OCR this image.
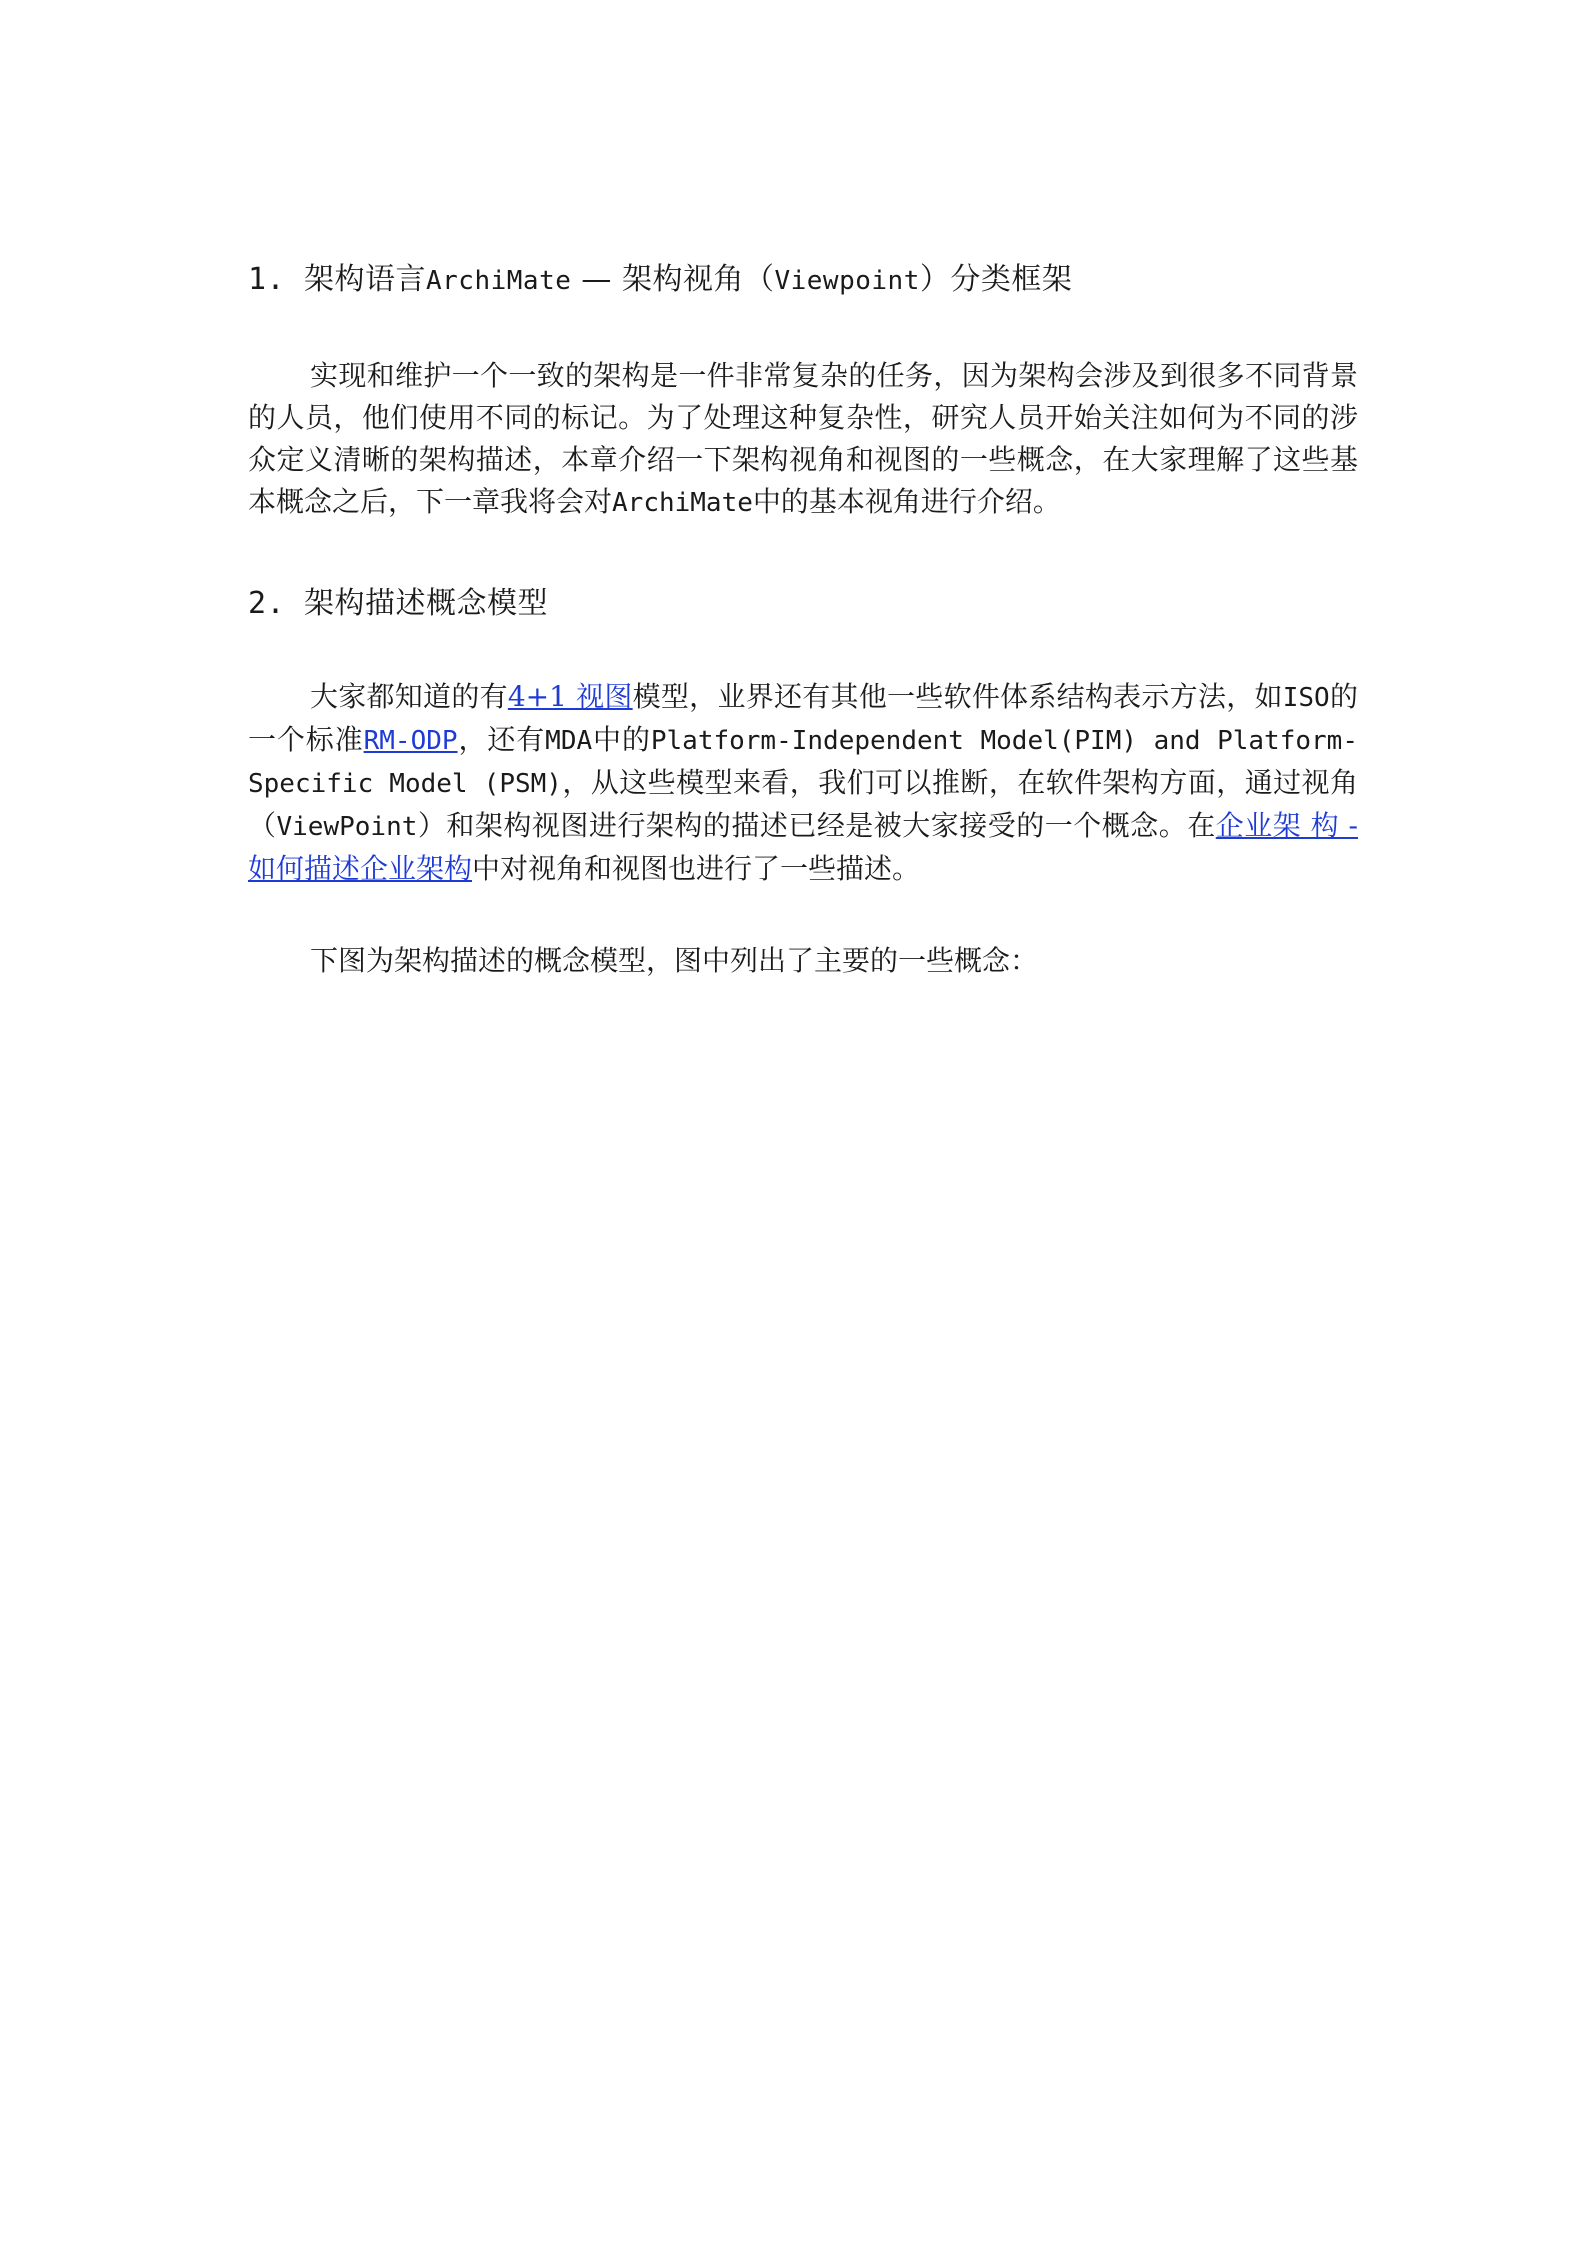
1. 架构语言ArchiMate — 架构视角（Viewpoint）分类框架

实现和维护一个一致的架构是一件非常复杂的任务，因为架构会涉及到很多不同背景的人员，他们使用不同的标记。为了处理这种复杂性，研究人员开始关注如何为不同的涉众定义清晰的架构描述，本章介绍一下架构视角和视图的一些概念，在大家理解了这些基本概念之后，下一章我将会对ArchiMate中的基本视角进行介绍。

2. 架构描述概念模型

大家都知道的有4+1 视图模型，业界还有其他一些软件体系结构表示方法，如ISO的一个标准RM-ODP，还有MDA中的Platform-Independent Model(PIM) and Platform-Specific Model (PSM)，从这些模型来看，我们可以推断，在软件架构方面，通过视角（ViewPoint）和架构视图进行架构的描述已经是被大家接受的一个概念。在企业架 构 - 如何描述企业架构中对视角和视图也进行了一些描述。

下图为架构描述的概念模型，图中列出了主要的一些概念：
